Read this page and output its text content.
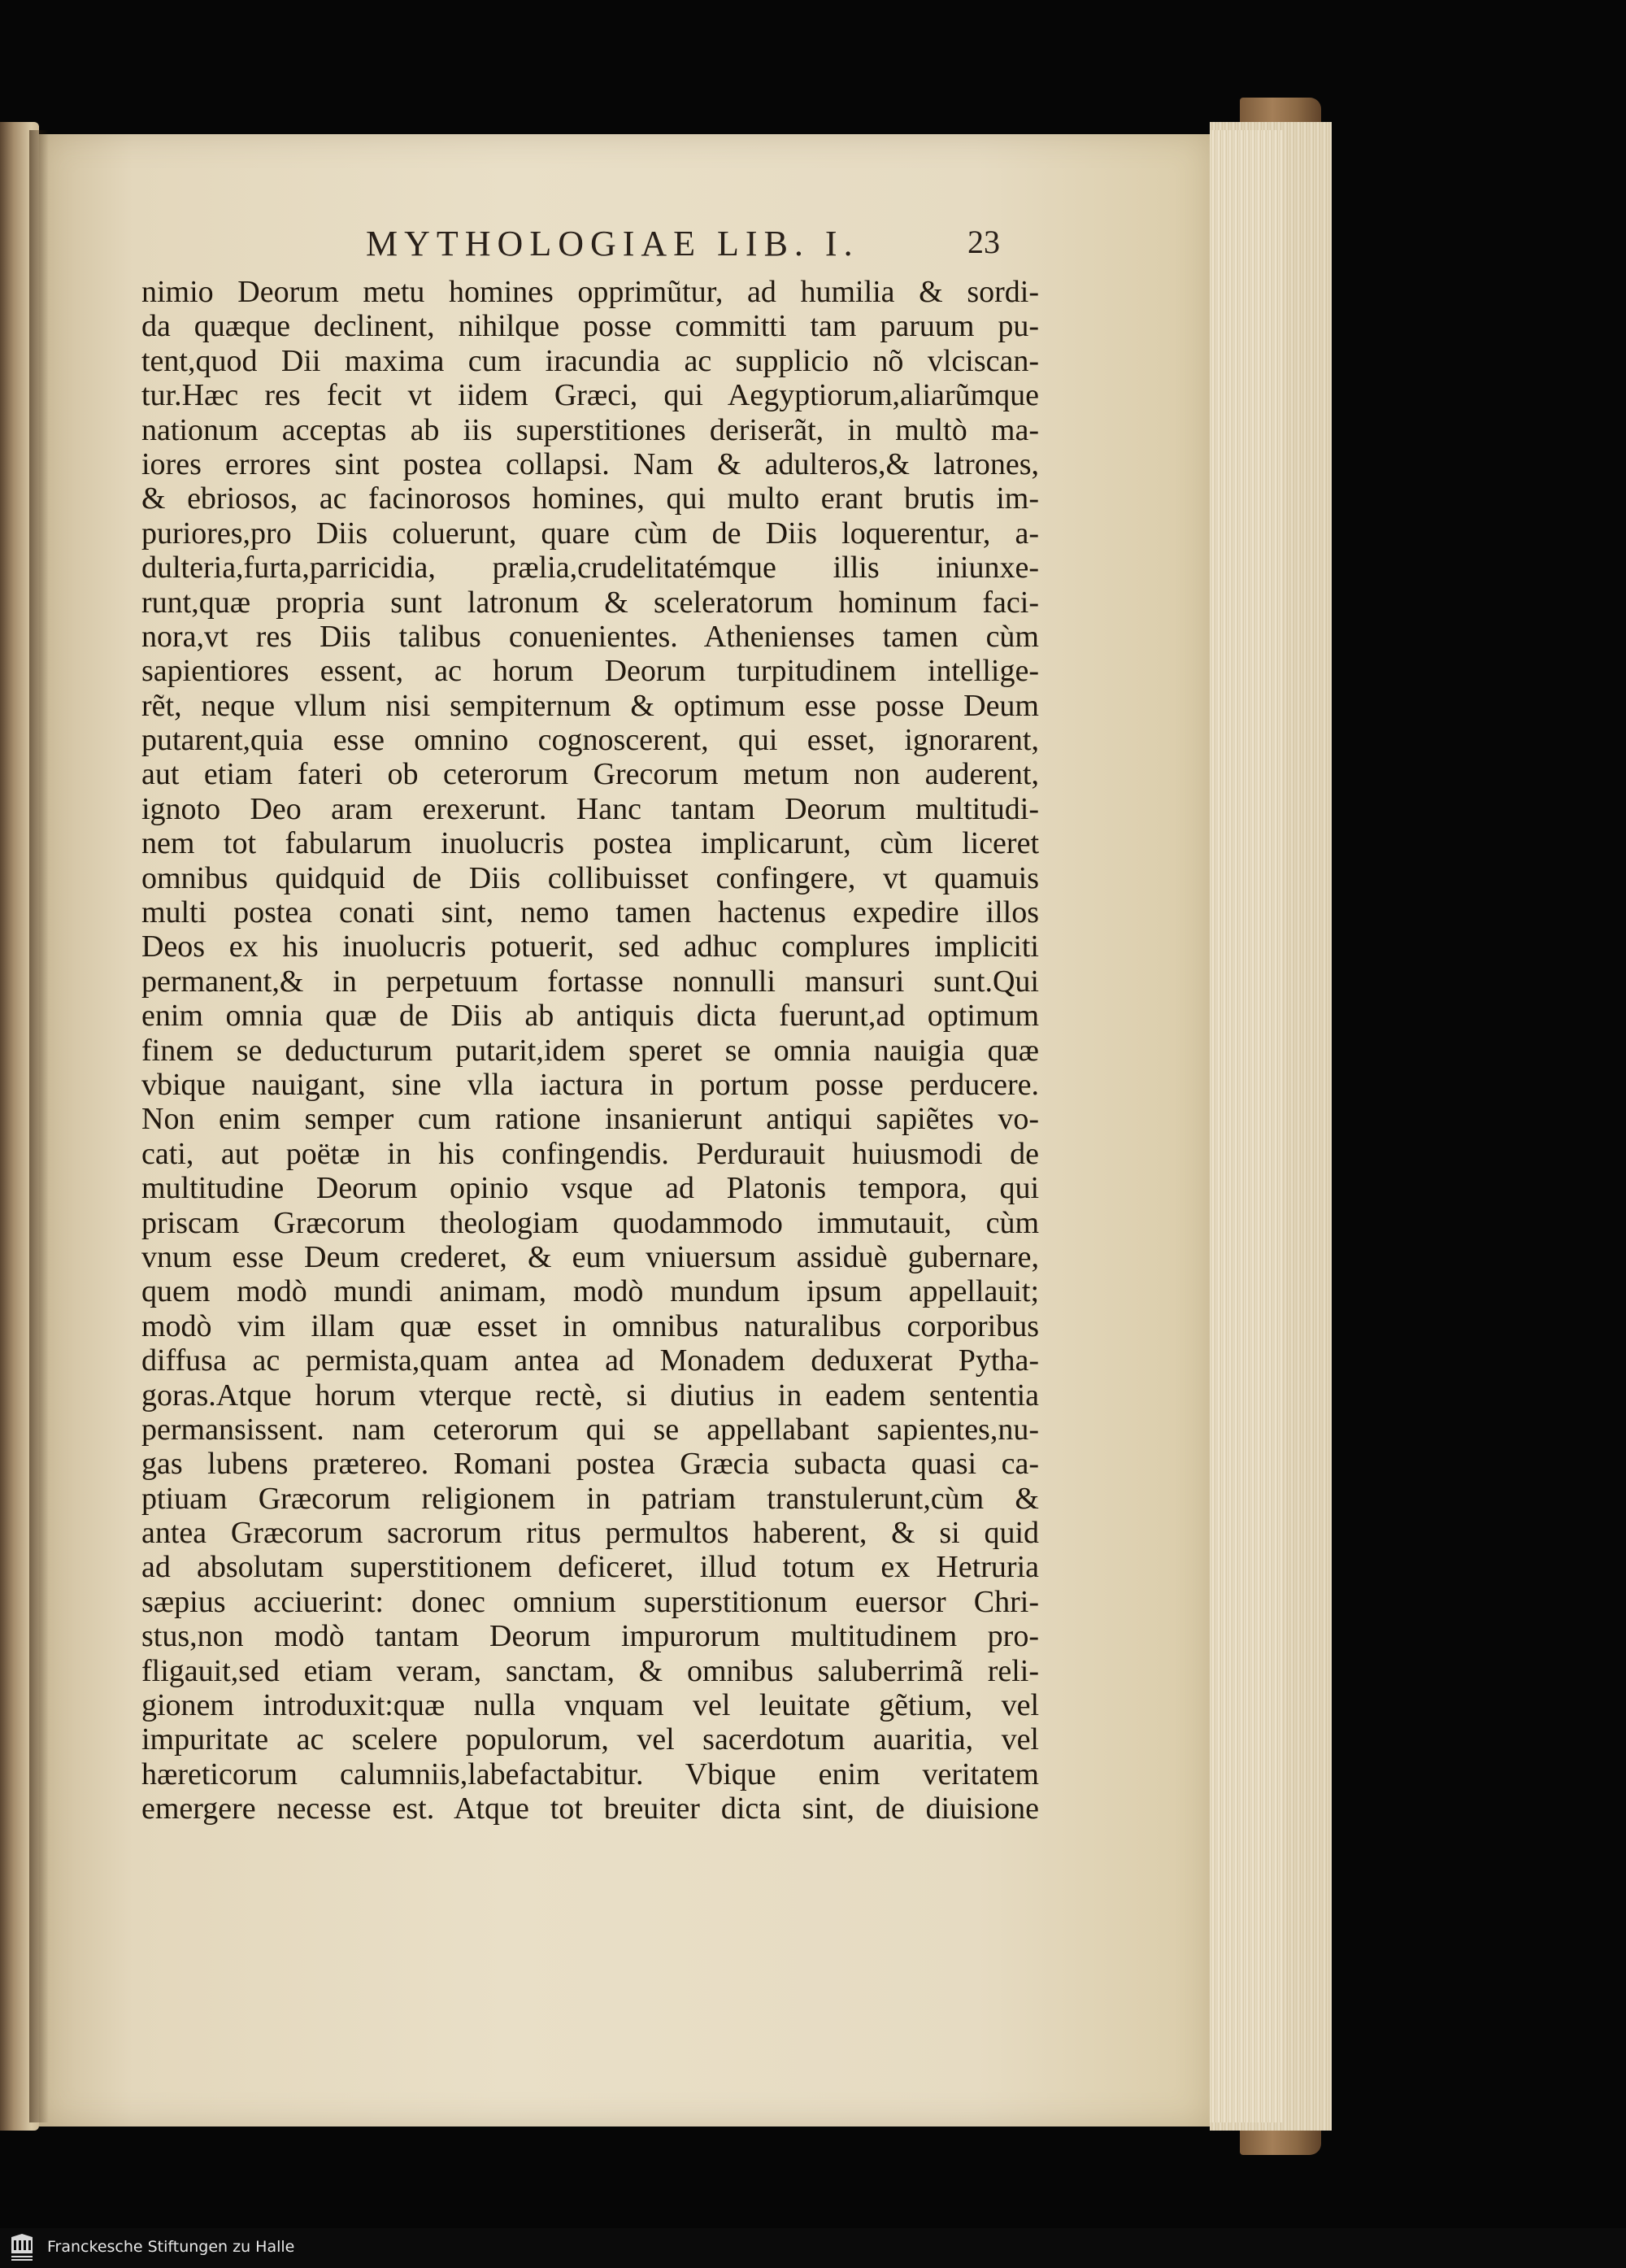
MYTHOLOGIAE LIB. I.	23
nimio Deorum metu homines opprimũtur, ad humilia & sordi-
da quæque declinent, nihilque posse committi tam paruum pu-
tent,quod Dii maxima cum iracundia ac supplicio nõ vlciscan-
tur.Hæc res fecit vt iidem Græci, qui Aegyptiorum,aliarũmque
nationum acceptas ab iis superstitiones deriserãt, in multò ma-
iores errores sint postea collapsi. Nam & adulteros,& latrones,
& ebriosos, ac facinorosos homines, qui multo erant brutis im-
puriores,pro Diis coluerunt, quare cùm de Diis loquerentur, a-
dulteria,furta,parricidia, prælia,crudelitatémque illis iniunxe-
runt,quæ propria sunt latronum & sceleratorum hominum faci-
nora,vt res Diis talibus conuenientes. Athenienses tamen cùm
sapientiores essent, ac horum Deorum turpitudinem intellige-
rẽt, neque vllum nisi sempiternum & optimum esse posse Deum
putarent,quia esse omnino cognoscerent, qui esset, ignorarent,
aut etiam fateri ob ceterorum Grecorum metum non auderent,
ignoto Deo aram erexerunt. Hanc tantam Deorum multitudi-
nem tot fabularum inuolucris postea implicarunt, cùm liceret
omnibus quidquid de Diis collibuisset confingere, vt quamuis
multi postea conati sint, nemo tamen hactenus expedire illos
Deos ex his inuolucris potuerit, sed adhuc complures impliciti
permanent,& in perpetuum fortasse nonnulli mansuri sunt.Qui
enim omnia quæ de Diis ab antiquis dicta fuerunt,ad optimum
finem se deducturum putarit,idem speret se omnia nauigia quæ
vbique nauigant, sine vlla iactura in portum posse perducere.
Non enim semper cum ratione insanierunt antiqui sapiẽtes vo-
cati, aut poëtæ in his confingendis. Perdurauit huiusmodi de
multitudine Deorum opinio vsque ad Platonis tempora, qui
priscam Græcorum theologiam quodammodo immutauit, cùm
vnum esse Deum crederet, & eum vniuersum assiduè gubernare,
quem modò mundi animam, modò mundum ipsum appellauit;
modò vim illam quæ esset in omnibus naturalibus corporibus
diffusa ac permista,quam antea ad Monadem deduxerat Pytha-
goras.Atque horum vterque rectè, si diutius in eadem sententia
permansissent. nam ceterorum qui se appellabant sapientes,nu-
gas lubens prætereo. Romani postea Græcia subacta quasi ca-
ptiuam Græcorum religionem in patriam transtulerunt,cùm &
antea Græcorum sacrorum ritus permultos haberent, & si quid
ad absolutam superstitionem deficeret, illud totum ex Hetruria
sæpius acciuerint: donec omnium superstitionum euersor Chri-
stus,non modò tantam Deorum impurorum multitudinem pro-
fligauit,sed etiam veram, sanctam, & omnibus saluberrimã reli-
gionem introduxit:quæ nulla vnquam vel leuitate gẽtium, vel
impuritate ac scelere populorum, vel sacerdotum auaritia, vel
hæreticorum calumniis,labefactabitur. Vbique enim veritatem
emergere necesse est. Atque tot breuiter dicta sint, de diuisione
Franckesche Stiftungen zu Halle
